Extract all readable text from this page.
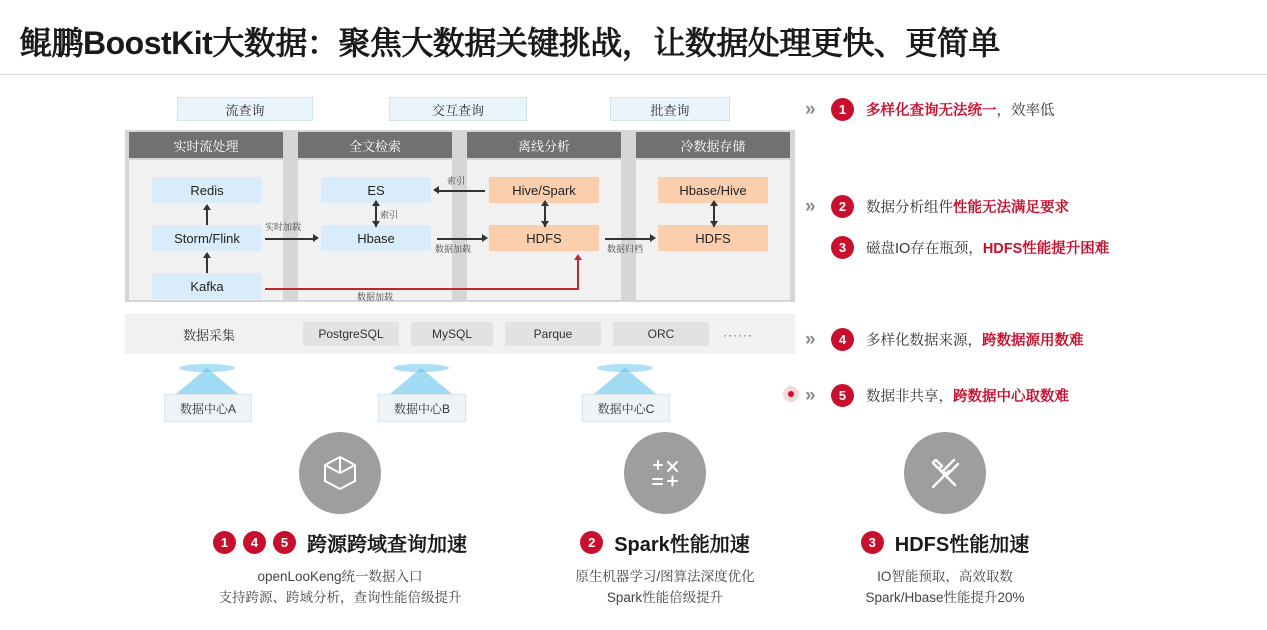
鲲鹏BoostKit大数据：聚焦大数据关键挑战，让数据处理更快、更简单
流查询	交互查询	批查询
实时流处理	全文检索	离线分析	冷数据存储
Redis
Storm/Flink
Kafka
ES
Hbase
索引
实时加载
Hive/Spark
HDFS
索引
数据加载
Hbase/Hive
HDFS
数据归档
数据加载
数据采集	PostgreSQL	MySQL	Parque	ORC	······
数据中心A	数据中心B	数据中心C
»	1	多样化查询无法统一，效率低
»	2	数据分析组件性能无法满足要求
3	磁盘IO存在瓶颈，HDFS性能提升困难
»	4	多样化数据来源，跨数据源用数难
»	5	数据非共享，跨数据中心取数难
1	4	5 跨源跨域查询加速
openLooKeng统一数据入口
支持跨源、跨域分析，查询性能倍级提升
2 Spark性能加速
原生机器学习/图算法深度优化
Spark性能倍级提升
3 HDFS性能加速
IO智能预取，高效取数
Spark/Hbase性能提升20%
